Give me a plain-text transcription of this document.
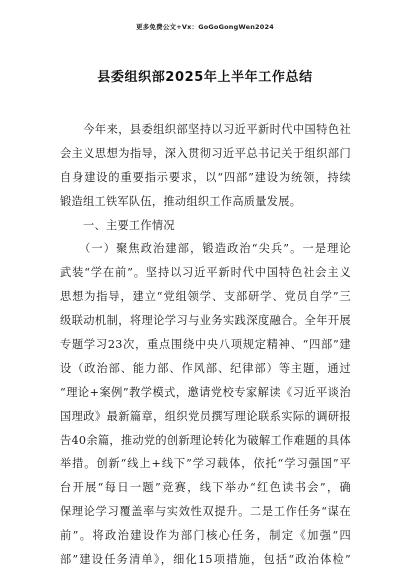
更多免费公文+Vx：GoGoGongWen2024
县委组织部2025年上半年工作总结
　　今年来，县委组织部坚持以习近平新时代中国特色社
会主义思想为指导，深入贯彻习近平总书记关于组织部门
自身建设的重要指示要求，以“四部”建设为统领，持续
锻造组工铁军队伍，推动组织工作高质量发展。
　　一、主要工作情况
　　（一）聚焦政治建部，锻造政治“尖兵”。一是理论
武装“学在前”。坚持以习近平新时代中国特色社会主义
思想为指导，建立“党组领学、支部研学、党员自学”三
级联动机制，将理论学习与业务实践深度融合。全年开展
专题学习23次，重点围绕中央八项规定精神、“四部”建
设（政治部、能力部、作风部、纪律部）等主题，通过
“理论+案例”教学模式，邀请党校专家解读《习近平谈治
国理政》最新篇章，组织党员撰写理论联系实际的调研报
告40余篇，推动党的创新理论转化为破解工作难题的具体
举措。创新“线上+线下”学习载体，依托“学习强国”平
台开展“每日一题”竞赛，线下举办“红色读书会”，确
保理论学习覆盖率与实效性双提升。二是工作任务“谋在
前”。将政治建设作为部门核心任务，制定《加强“四
部”建设任务清单》，细化15项措施，包括“政治体检”
